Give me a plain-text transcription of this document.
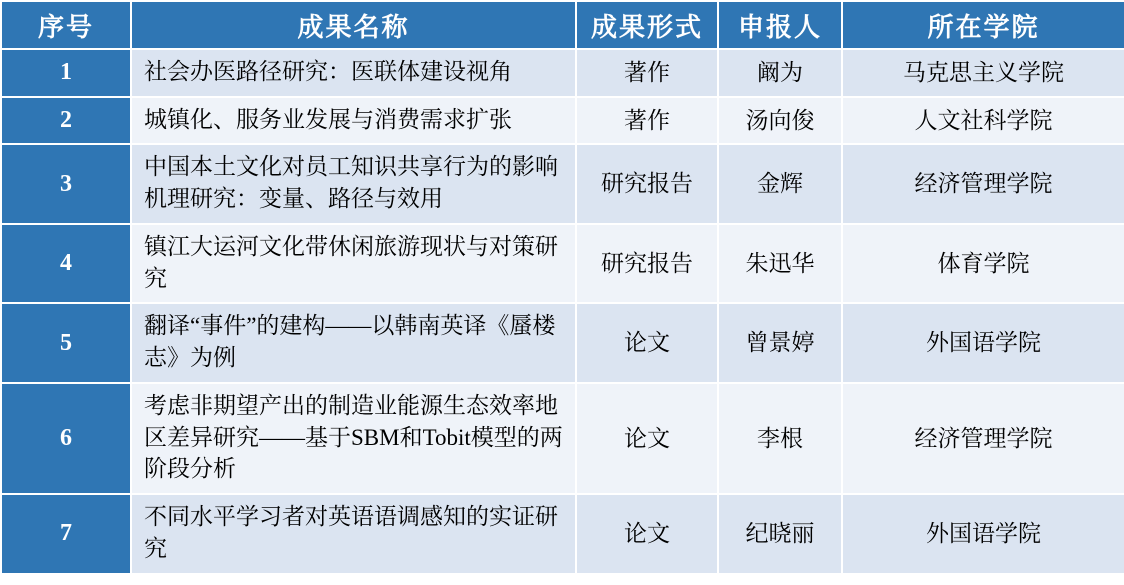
序号	成果名称	成果形式	申报人	所在学院
1	社会办医路径研究：医联体建设视角	著作	阚为	马克思主义学院
2	城镇化、服务业发展与消费需求扩张	著作	汤向俊	人文社科学院
3	中国本土文化对员工知识共享行为的影响机理研究：变量、路径与效用	研究报告	金辉	经济管理学院
4	镇江大运河文化带休闲旅游现状与对策研究	研究报告	朱迅华	体育学院
5	翻译“事件”的建构——以韩南英译《蜃楼志》为例	论文	曾景婷	外国语学院
6	考虑非期望产出的制造业能源生态效率地区差异研究——基于SBM和Tobit模型的两阶段分析	论文	李根	经济管理学院
7	不同水平学习者对英语语调感知的实证研究	论文	纪晓丽	外国语学院
